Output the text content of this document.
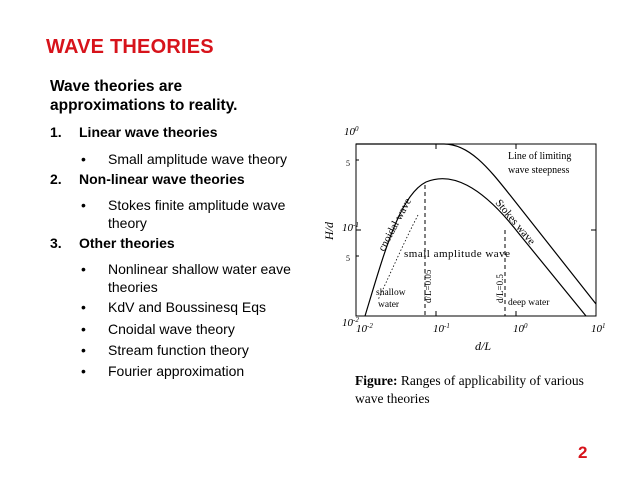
WAVE THEORIES
Wave theories are approximations to reality.
1. Linear wave theories
• Small amplitude wave theory
2. Non-linear wave theories
• Stokes finite amplitude wave theory
3. Other theories
• Nonlinear shallow water eave theories
• KdV and Boussinesq Eqs
• Cnoidal wave theory
• Stream function theory
• Fourier approximation
$10^0$
$10^{-1}$
$10^{-2}$
5
5
$10^{-2}$	$10^{-1}$	$10^0$	$10^1$
d/L
H/d
Line of limiting
wave steepness
Stokes wave
cnoidal wave
small amplitude wave
shallow
water	deep water
d/L=0.05	d/L=0.5
Figure: Ranges of applicability of various wave theories
2
